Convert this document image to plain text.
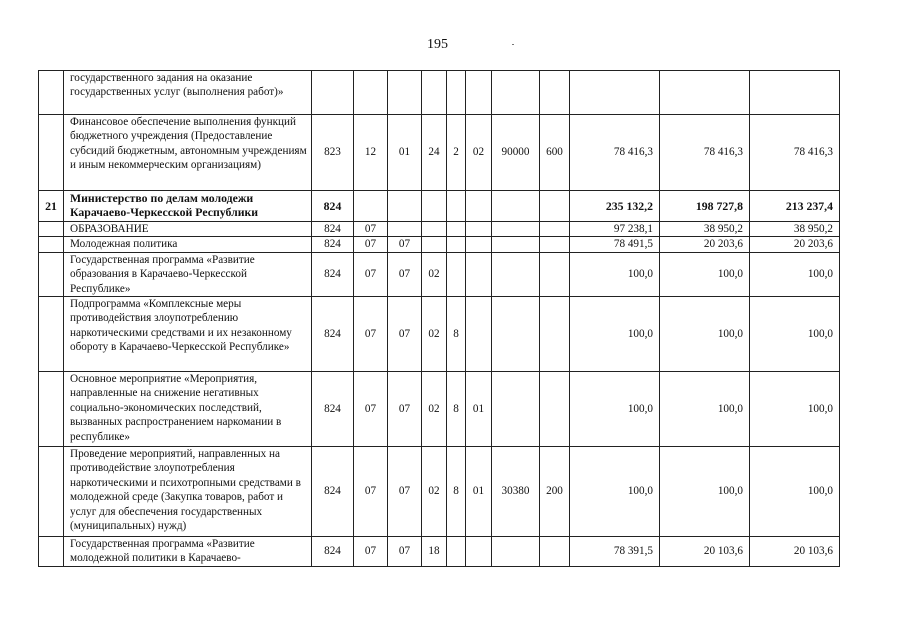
195
	государственного задания на оказание государственных услуг (выполнения работ)»											
	Финансовое обеспечение выполнения функций бюджетного учреждения (Предоставление субсидий бюджетным, автономным учреждениям и иным некоммерческим организациям)	823	12	01	24	2	02	90000	600	78 416,3	78 416,3	78 416,3
21	Министерство по делам молодежи Карачаево-Черкесской Республики	824								235 132,2	198 727,8	213 237,4
	ОБРАЗОВАНИЕ	824	07							97 238,1	38 950,2	38 950,2
	Молодежная политика	824	07	07						78 491,5	20 203,6	20 203,6
	Государственная программа «Развитие образования в Карачаево-Черкесской Республике»	824	07	07	02					100,0	100,0	100,0
	Подпрограмма «Комплексные меры противодействия злоупотреблению наркотическими средствами и их незаконному обороту в Карачаево-Черкесской Республике»	824	07	07	02	8				100,0	100,0	100,0
	Основное мероприятие «Мероприятия, направленные на снижение негативных социально-экономических последствий, вызванных распространением наркомании в республике»	824	07	07	02	8	01			100,0	100,0	100,0
	Проведение мероприятий, направленных на противодействие злоупотребления наркотическими и психотропными средствами в молодежной среде (Закупка товаров, работ и услуг для обеспечения государственных (муниципальных) нужд)	824	07	07	02	8	01	30380	200	100,0	100,0	100,0
	Государственная программа «Развитие молодежной политики в Карачаево-	824	07	07	18					78 391,5	20 103,6	20 103,6
